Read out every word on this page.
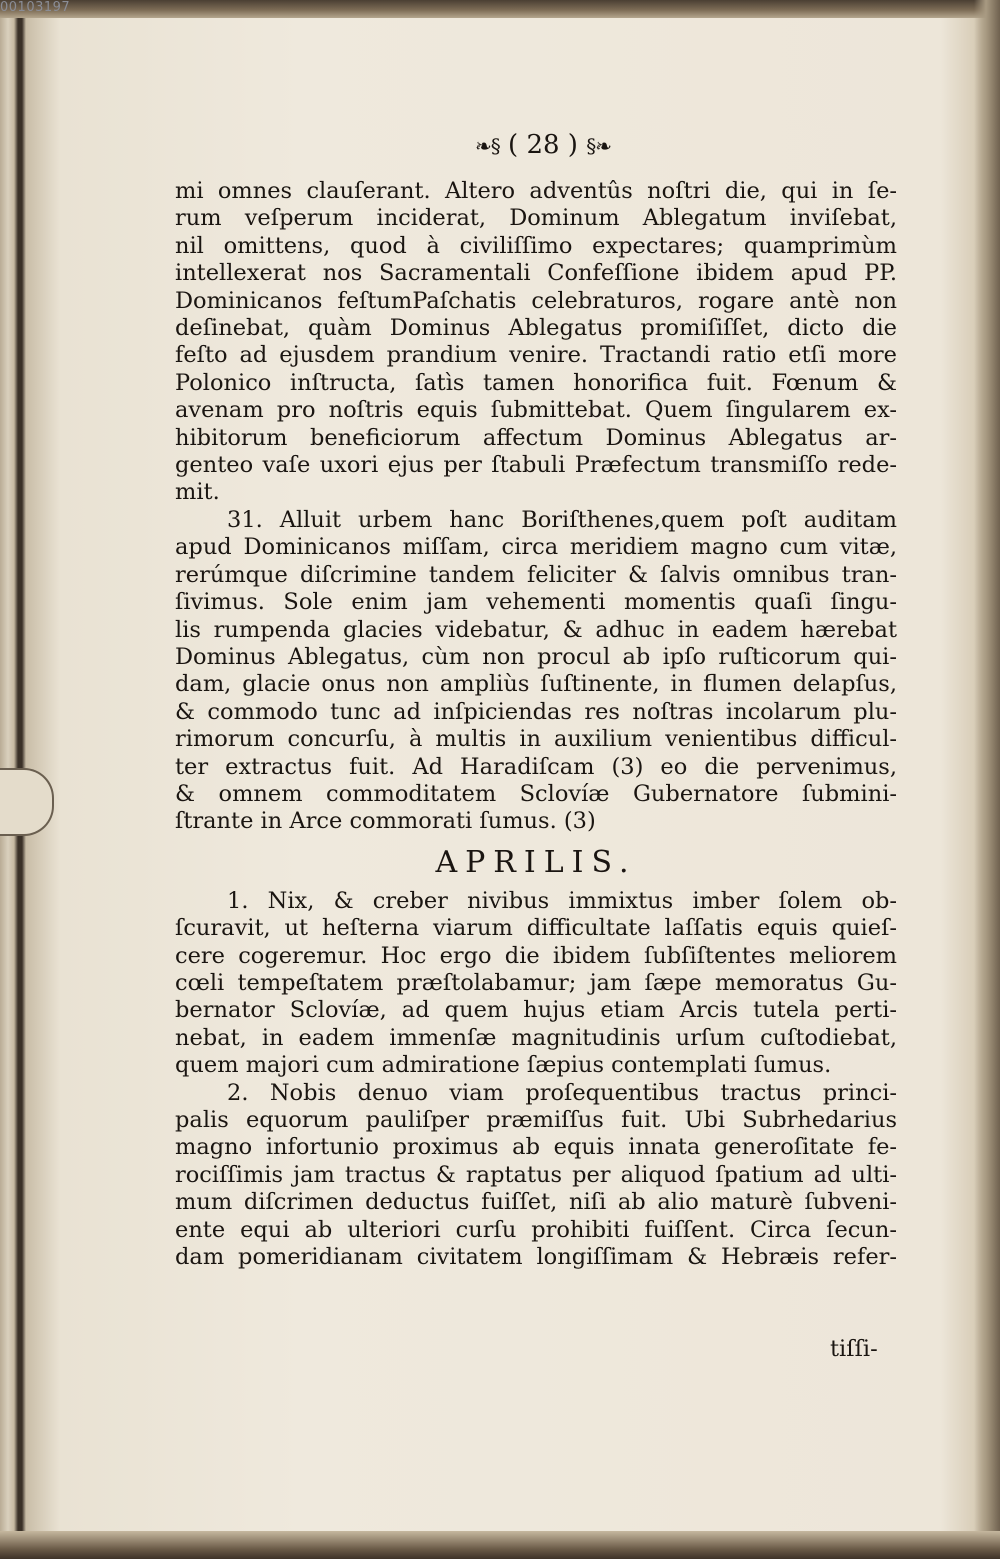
00103197
❧§ ( 28 ) §❧
mi omnes clauſerant. Altero adventûs noſtri die, qui in ſe-
rum veſperum inciderat, Dominum Ablegatum inviſebat,
nil omittens, quod à civiliſſimo expectares; quamprimùm
intellexerat nos Sacramentali Confeſſione ibidem apud PP.
Dominicanos feſtumPaſchatis celebraturos, rogare antè non
deſinebat, quàm Dominus Ablegatus promiſiſſet, dicto die
feſto ad ejusdem prandium venire. Tractandi ratio etſi more
Polonico inſtructa, ſatìs tamen honorifica fuit. Fœnum &
avenam pro noſtris equis ſubmittebat. Quem ſingularem ex-
hibitorum beneficiorum affectum Dominus Ablegatus ar-
genteo vaſe uxori ejus per ſtabuli Præfectum transmiſſo rede-
mit.
31. Alluit urbem hanc Boriſthenes,quem poſt auditam
apud Dominicanos miſſam, circa meridiem magno cum vitæ,
rerúmque diſcrimine tandem feliciter & ſalvis omnibus tran-
ſivimus. Sole enim jam vehementi momentis quaſi ſingu-
lis rumpenda glacies videbatur, & adhuc in eadem hærebat
Dominus Ablegatus, cùm non procul ab ipſo ruſticorum qui-
dam, glacie onus non ampliùs ſuſtinente, in flumen delapſus,
& commodo tunc ad inſpiciendas res noſtras incolarum plu-
rimorum concurſu, à multis in auxilium venientibus difficul-
ter extractus fuit. Ad Haradiſcam (3) eo die pervenimus,
& omnem commoditatem Sclovíæ Gubernatore ſubmini-
ſtrante in Arce commorati ſumus. (3)
APRILIS.
1. Nix, & creber nivibus immixtus imber ſolem ob-
ſcuravit, ut heſterna viarum difficultate laſſatis equis quieſ-
cere cogeremur. Hoc ergo die ibidem ſubſiſtentes meliorem
cœli tempeſtatem præſtolabamur; jam ſæpe memoratus Gu-
bernator Sclovíæ, ad quem hujus etiam Arcis tutela perti-
nebat, in eadem immenſæ magnitudinis urſum cuſtodiebat,
quem majori cum admiratione ſæpius contemplati ſumus.
2. Nobis denuo viam proſequentibus tractus princi-
palis equorum pauliſper præmiſſus fuit. Ubi Subrhedarius
magno infortunio proximus ab equis innata generoſitate fe-
rociſſimis jam tractus & raptatus per aliquod ſpatium ad ulti-
mum diſcrimen deductus fuiſſet, niſi ab alio maturè ſubveni-
ente equi ab ulteriori curſu prohibiti fuiſſent. Circa ſecun-
dam pomeridianam civitatem longiſſimam & Hebræis refer-
tiſſi-
